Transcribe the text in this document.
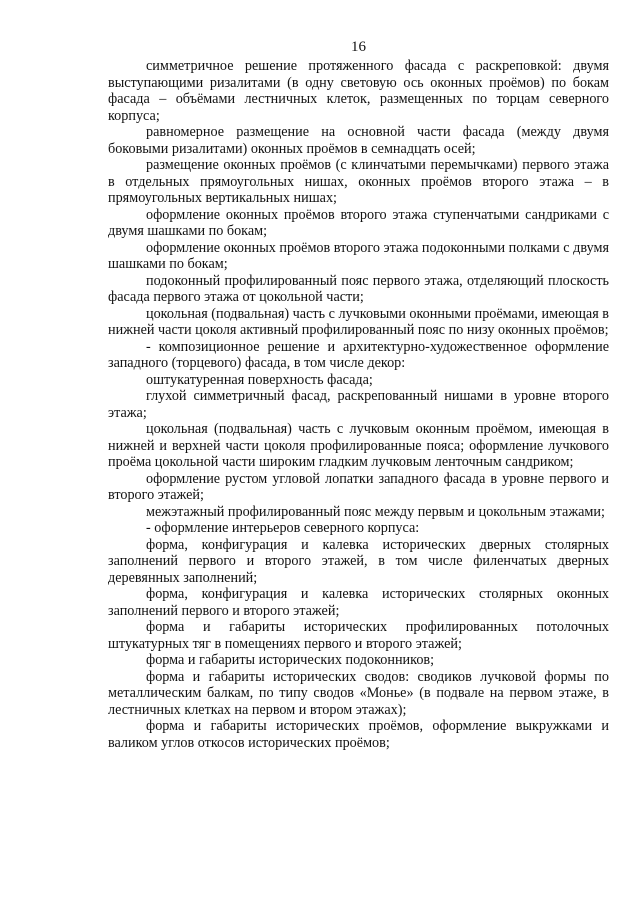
16

симметричное решение протяженного фасада с раскреповкой: двумя выступающими ризалитами (в одну световую ось оконных проёмов) по бокам фасада – объёмами лестничных клеток, размещенных по торцам северного корпуса;

равномерное размещение на основной части фасада (между двумя боковыми ризалитами) оконных проёмов в семнадцать осей;

размещение оконных проёмов (с клинчатыми перемычками) первого этажа в отдельных прямоугольных нишах, оконных проёмов второго этажа – в прямоугольных вертикальных нишах;

оформление оконных проёмов второго этажа ступенчатыми сандриками с двумя шашками по бокам;

оформление оконных проёмов второго этажа подоконными полками с двумя шашками по бокам;

подоконный профилированный пояс первого этажа, отделяющий плоскость фасада первого этажа от цокольной части;

цокольная (подвальная) часть с лучковыми оконными проёмами, имеющая в нижней части цоколя активный профилированный пояс по низу оконных проёмов;

- композиционное решение и архитектурно-художественное оформление западного (торцевого) фасада, в том числе декор:

оштукатуренная поверхность фасада;

глухой симметричный фасад, раскрепованный нишами в уровне второго этажа;

цокольная (подвальная) часть с лучковым оконным проёмом, имеющая в нижней и верхней части цоколя профилированные пояса; оформление лучкового проёма цокольной части широким гладким лучковым ленточным сандриком;

оформление рустом угловой лопатки западного фасада в уровне первого и второго этажей;

межэтажный профилированный пояс между первым и цокольным этажами;

- оформление интерьеров северного корпуса:

форма, конфигурация и калевка исторических дверных столярных заполнений первого и второго этажей, в том числе филенчатых дверных деревянных заполнений;

форма, конфигурация и калевка исторических столярных оконных заполнений первого и второго этажей;

форма и габариты исторических профилированных потолочных штукатурных тяг в помещениях первого и второго этажей;

форма и габариты исторических подоконников;

форма и габариты исторических сводов: сводиков лучковой формы по металлическим балкам, по типу сводов «Монье» (в подвале на первом этаже, в лестничных клетках на первом и втором этажах);

форма и габариты исторических проёмов, оформление выкружками и валиком углов откосов исторических проёмов;
